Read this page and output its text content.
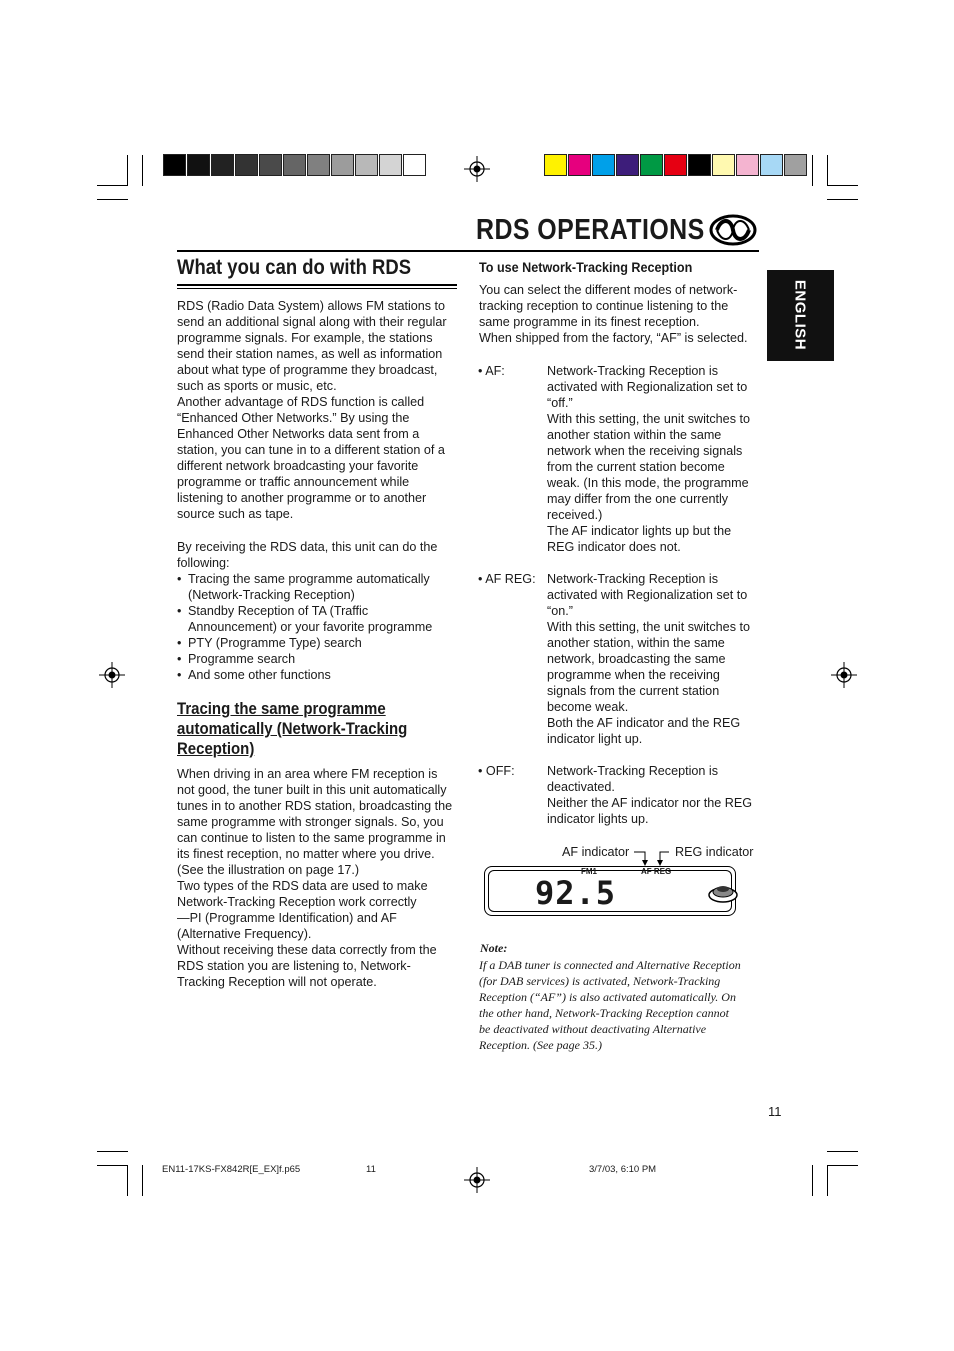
RDS OPERATIONS
ENGLISH
What you can do with RDS
RDS (Radio Data System) allows FM stations to
send an additional signal along with their regular
programme signals. For example, the stations
send their station names, as well as information
about what type of programme they broadcast,
such as sports or music, etc.
Another advantage of RDS function is called
“Enhanced Other Networks.” By using the
Enhanced Other Networks data sent from a
station, you can tune in to a different station of a
different network broadcasting your favorite
programme or traffic announcement while
listening to another programme or to another
source such as tape.
By receiving the RDS data, this unit can do the
following:
• Tracing the same programme automatically
(Network-Tracking Reception)
• Standby Reception of TA (Traffic
Announcement) or your favorite programme
• PTY (Programme Type) search
• Programme search
• And some other functions
Tracing the same programme automatically (Network-Tracking Reception)
When driving in an area where FM reception is
not good, the tuner built in this unit automatically
tunes in to another RDS station, broadcasting the
same programme with stronger signals. So, you
can continue to listen to the same programme in
its finest reception, no matter where you drive.
(See the illustration on page 17.)
Two types of the RDS data are used to make
Network-Tracking Reception work correctly
—PI (Programme Identification) and AF
(Alternative Frequency).
Without receiving these data correctly from the
RDS station you are listening to, Network-
Tracking Reception will not operate.
To use Network-Tracking Reception
You can select the different modes of network-
tracking reception to continue listening to the
same programme in its finest reception.
When shipped from the factory, “AF” is selected.
• AF:	Network-Tracking Reception is
activated with Regionalization set to
“off.”
With this setting, the unit switches to
another station within the same
network when the receiving signals
from the current station become
weak. (In this mode, the programme
may differ from the one currently
received.)
The AF indicator lights up but the
REG indicator does not.
• AF REG: Network-Tracking Reception is
activated with Regionalization set to
“on.”
With this setting, the unit switches to
another station, within the same
network, broadcasting the same
programme when the receiving
signals from the current station
become weak.
Both the AF indicator and the REG
indicator light up.
• OFF:	Network-Tracking Reception is
deactivated.
Neither the AF indicator nor the REG
indicator lights up.
AF indicator	REG indicator
FM1	AF REG
92.5
Note:
If a DAB tuner is connected and Alternative Reception
(for DAB services) is activated, Network-Tracking
Reception (“AF”) is also activated automatically. On
the other hand, Network-Tracking Reception cannot
be deactivated without deactivating Alternative
Reception. (See page 35.)
11
EN11-17KS-FX842R[E_EX]f.p65	11	3/7/03, 6:10 PM
